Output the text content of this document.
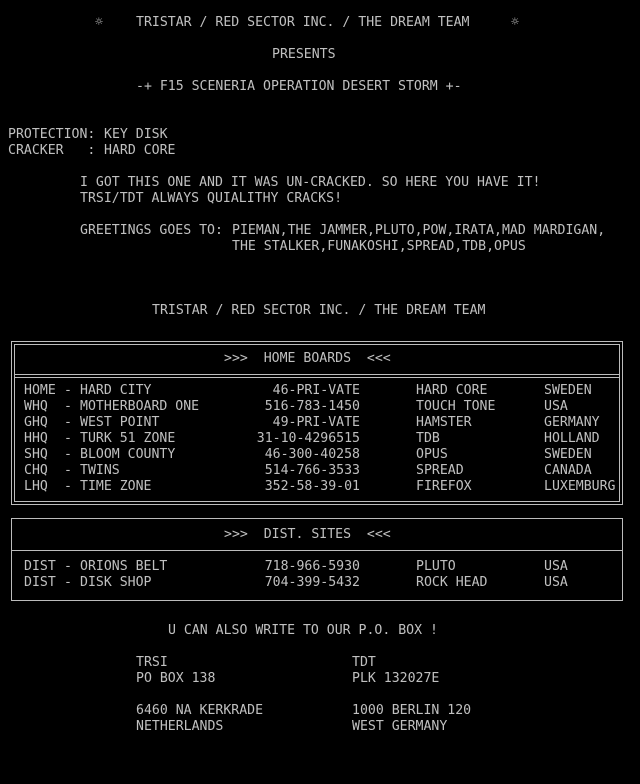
☼	TRISTAR / RED SECTOR INC. / THE DREAM TEAM	☼
PRESENTS
-+ F15 SCENERIA OPERATION DESERT STORM +-
PROTECTION: KEY DISK
CRACKER   : HARD CORE
I GOT THIS ONE AND IT WAS UN-CRACKED. SO HERE YOU HAVE IT!
TRSI/TDT ALWAYS QUIALITHY CRACKS!
GREETINGS GOES TO: PIEMAN,THE JAMMER,PLUTO,POW,IRATA,MAD MARDIGAN,
THE STALKER,FUNAKOSHI,SPREAD,TDB,OPUS
TRISTAR / RED SECTOR INC. / THE DREAM TEAM
>>>  HOME BOARDS  <<<
HOME - HARD CITY	46-PRI-VATE	HARD CORE	SWEDEN
WHQ - MOTHERBOARD ONE	516-783-1450	TOUCH TONE	USA
GHQ - WEST POINT	49-PRI-VATE	HAMSTER	GERMANY
HHQ - TURK 51 ZONE	31-10-4296515	TDB	HOLLAND
SHQ - BLOOM COUNTY	46-300-40258	OPUS	SWEDEN
CHQ - TWINS	514-766-3533	SPREAD	CANADA
LHQ - TIME ZONE	352-58-39-01	FIREFOX	LUXEMBURG
>>>  DIST. SITES  <<<
DIST - ORIONS BELT	718-966-5930	PLUTO	USA
DIST - DISK SHOP	704-399-5432	ROCK HEAD	USA
U CAN ALSO WRITE TO OUR P.O. BOX !
TRSI
PO BOX 138
6460 NA KERKRADE
NETHERLANDS
TDT
PLK 132027E
1000 BERLIN 120
WEST GERMANY
